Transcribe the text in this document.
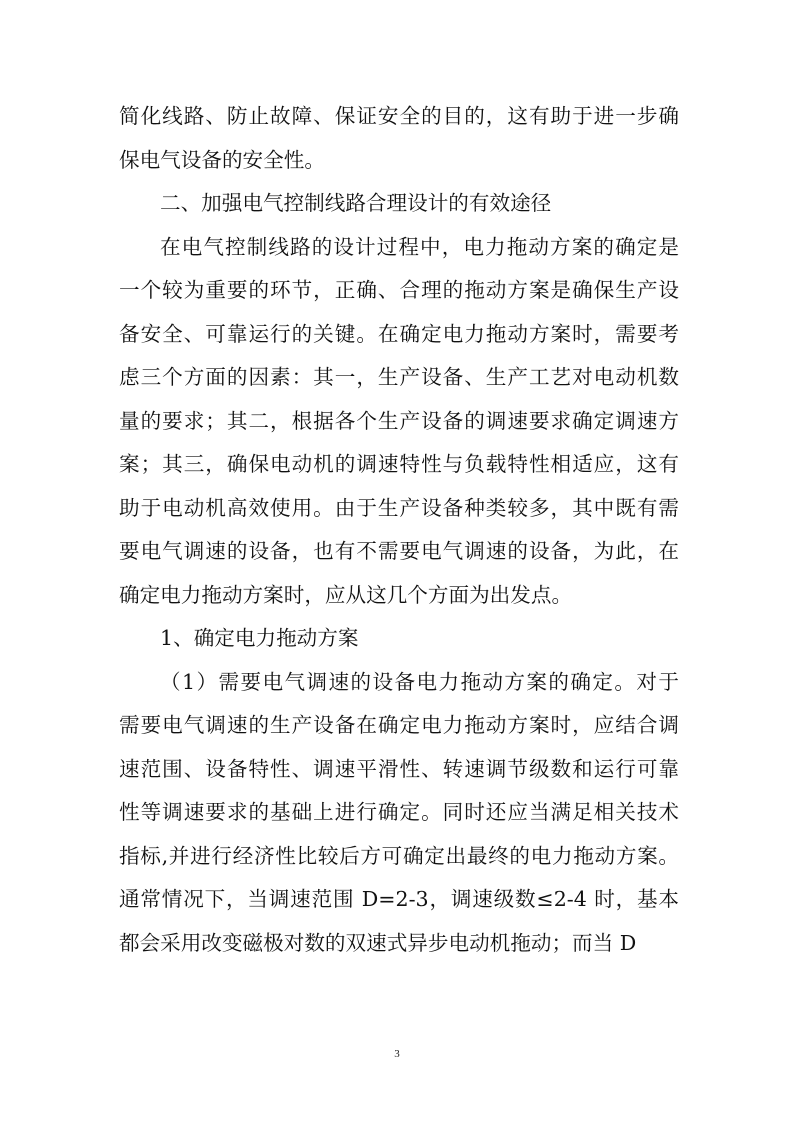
简化线路、防止故障、保证安全的目的，这有助于进一步确
保电气设备的安全性。
二、加强电气控制线路合理设计的有效途径
在电气控制线路的设计过程中，电力拖动方案的确定是
一个较为重要的环节，正确、合理的拖动方案是确保生产设
备安全、可靠运行的关键。在确定电力拖动方案时，需要考
虑三个方面的因素：其一，生产设备、生产工艺对电动机数
量的要求；其二，根据各个生产设备的调速要求确定调速方
案；其三，确保电动机的调速特性与负载特性相适应，这有
助于电动机高效使用。由于生产设备种类较多，其中既有需
要电气调速的设备，也有不需要电气调速的设备，为此，在
确定电力拖动方案时，应从这几个方面为出发点。
1、确定电力拖动方案
（1）需要电气调速的设备电力拖动方案的确定。对于
需要电气调速的生产设备在确定电力拖动方案时，应结合调
速范围、设备特性、调速平滑性、转速调节级数和运行可靠
性等调速要求的基础上进行确定。同时还应当满足相关技术
指标,并进行经济性比较后方可确定出最终的电力拖动方案。
通常情况下，当调速范围 D=2-3，调速级数≤2-4 时，基本
都会采用改变磁极对数的双速式异步电动机拖动；而当 D
3
